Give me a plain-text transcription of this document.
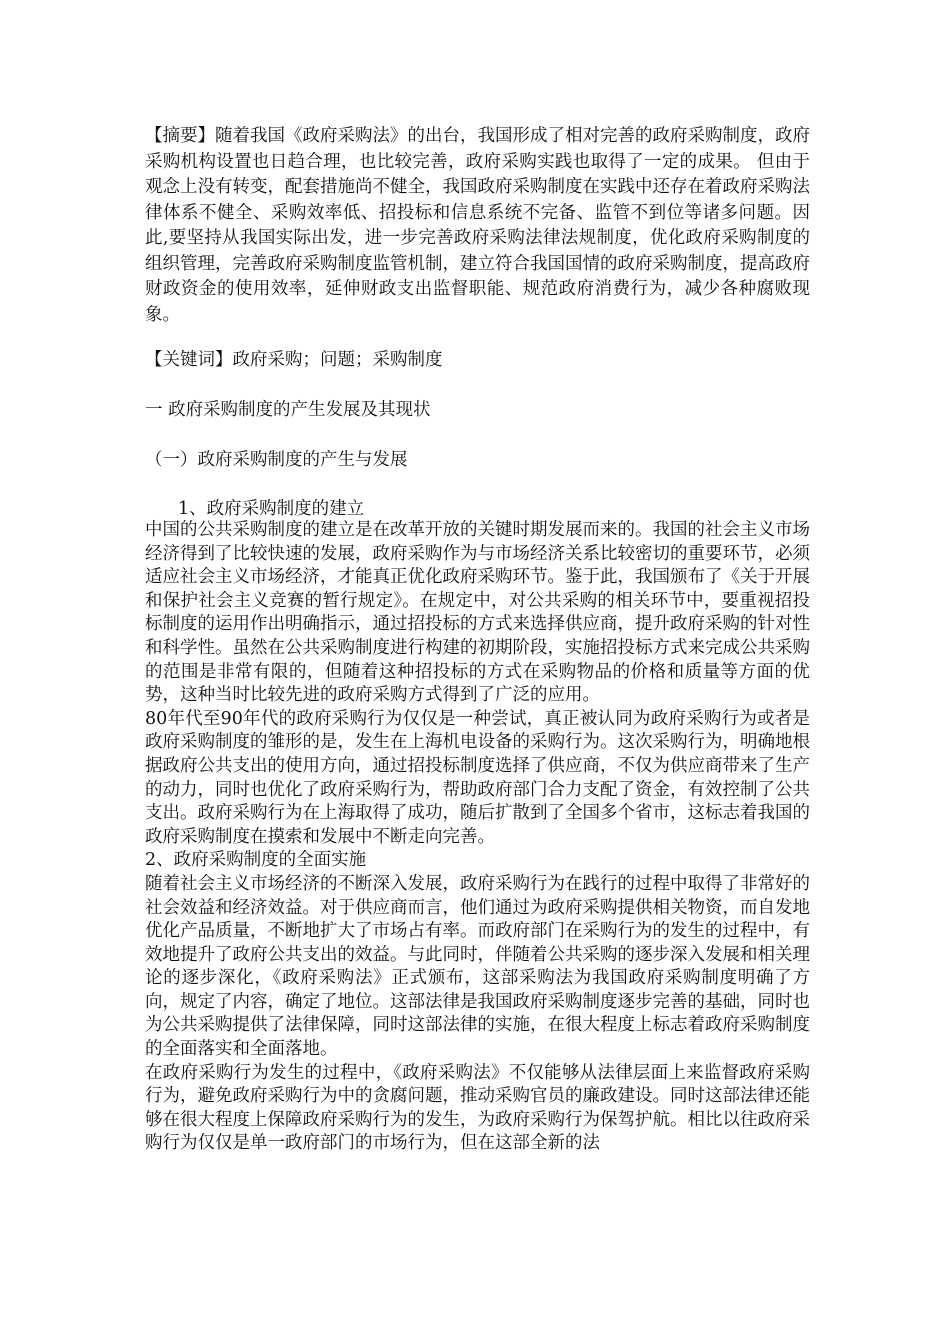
【摘要】随着我国《政府采购法》的出台，我国形成了相对完善的政府采购制度，政府采购机构设置也日趋合理，也比较完善，政府采购实践也取得了一定的成果。 但由于观念上没有转变，配套措施尚不健全，我国政府采购制度在实践中还存在着政府采购法律体系不健全、采购效率低、招投标和信息系统不完备、监管不到位等诸多问题。因此,要坚持从我国实际出发，进一步完善政府采购法律法规制度，优化政府采购制度的组织管理，完善政府采购制度监管机制，建立符合我国国情的政府采购制度，提高政府财政资金的使用效率，延伸财政支出监督职能、规范政府消费行为，减少各种腐败现象。

【关键词】政府采购；问题；采购制度

一 政府采购制度的产生发展及其现状

（一）政府采购制度的产生与发展

1、政府采购制度的建立

中国的公共采购制度的建立是在改革开放的关键时期发展而来的。我国的社会主义市场经济得到了比较快速的发展，政府采购作为与市场经济关系比较密切的重要环节，必须适应社会主义市场经济，才能真正优化政府采购环节。鉴于此，我国颁布了《关于开展和保护社会主义竞赛的暂行规定》。在规定中，对公共采购的相关环节中，要重视招投标制度的运用作出明确指示，通过招投标的方式来选择供应商，提升政府采购的针对性和科学性。虽然在公共采购制度进行构建的初期阶段，实施招投标方式来完成公共采购的范围是非常有限的，但随着这种招投标的方式在采购物品的价格和质量等方面的优势，这种当时比较先进的政府采购方式得到了广泛的应用。

80年代至90年代的政府采购行为仅仅是一种尝试，真正被认同为政府采购行为或者是政府采购制度的雏形的是，发生在上海机电设备的采购行为。这次采购行为，明确地根据政府公共支出的使用方向，通过招投标制度选择了供应商，不仅为供应商带来了生产的动力，同时也优化了政府采购行为，帮助政府部门合力支配了资金，有效控制了公共支出。政府采购行为在上海取得了成功，随后扩散到了全国多个省市，这标志着我国的政府采购制度在摸索和发展中不断走向完善。

2、政府采购制度的全面实施

随着社会主义市场经济的不断深入发展，政府采购行为在践行的过程中取得了非常好的社会效益和经济效益。对于供应商而言，他们通过为政府采购提供相关物资，而自发地优化产品质量，不断地扩大了市场占有率。而政府部门在采购行为的发生的过程中，有效地提升了政府公共支出的效益。与此同时，伴随着公共采购的逐步深入发展和相关理论的逐步深化，《政府采购法》正式颁布，这部采购法为我国政府采购制度明确了方向，规定了内容，确定了地位。这部法律是我国政府采购制度逐步完善的基础，同时也为公共采购提供了法律保障，同时这部法律的实施，在很大程度上标志着政府采购制度的全面落实和全面落地。

在政府采购行为发生的过程中，《政府采购法》不仅能够从法律层面上来监督政府采购行为，避免政府采购行为中的贪腐问题，推动采购官员的廉政建设。同时这部法律还能够在很大程度上保障政府采购行为的发生，为政府采购行为保驾护航。相比以往政府采购行为仅仅是单一政府部门的市场行为，但在这部全新的法
